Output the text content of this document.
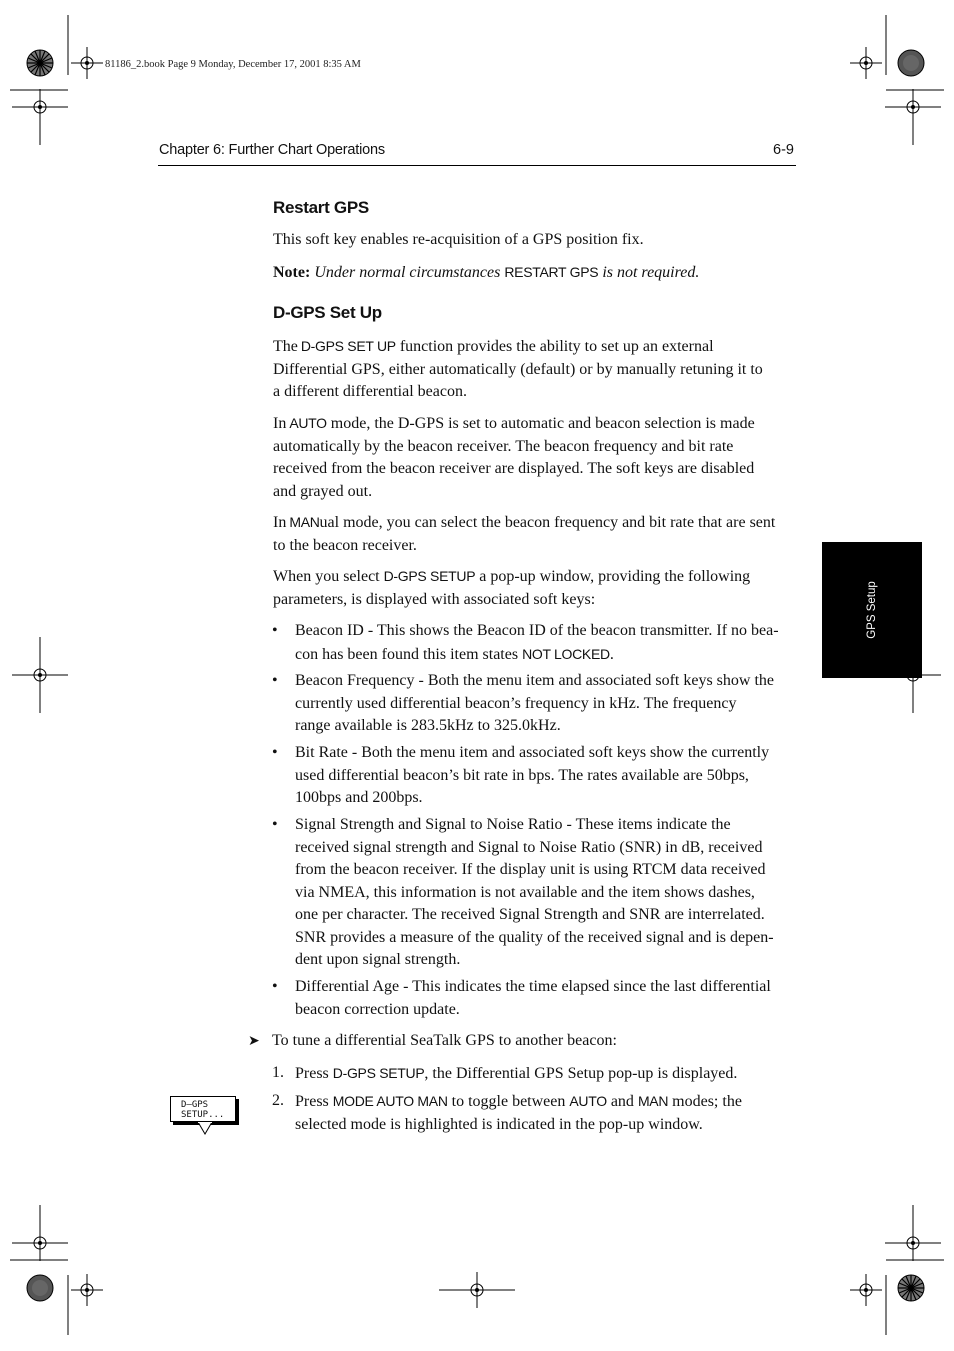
81186_2.book Page 9 Monday, December 17, 2001 8:35 AM
Chapter 6: Further Chart Operations	6-9
GPS Setup
Restart GPS
This soft key enables re-acquisition of a GPS position fix.
Note: Under normal circumstances RESTART GPS is not required.
D-GPS Set Up
The D-GPS SET UP function provides the ability to set up an external
Differential GPS, either automatically (default) or by manually retuning it to
a different differential beacon.
In AUTO mode, the D-GPS is set to automatic and beacon selection is made
automatically by the beacon receiver. The beacon frequency and bit rate
received from the beacon receiver are displayed. The soft keys are disabled
and grayed out.
In MANual mode, you can select the beacon frequency and bit rate that are sent
to the beacon receiver.
When you select D-GPS SETUP a pop-up window, providing the following
parameters, is displayed with associated soft keys:
• Beacon ID - This shows the Beacon ID of the beacon transmitter. If no bea-
con has been found this item states NOT LOCKED.
• Beacon Frequency - Both the menu item and associated soft keys show the
currently used differential beacon’s frequency in kHz. The frequency
range available is 283.5kHz to 325.0kHz.
• Bit Rate - Both the menu item and associated soft keys show the currently
used differential beacon’s bit rate in bps. The rates available are 50bps,
100bps and 200bps.
• Signal Strength and Signal to Noise Ratio - These items indicate the
received signal strength and Signal to Noise Ratio (SNR) in dB, received
from the beacon receiver. If the display unit is using RTCM data received
via NMEA, this information is not available and the item shows dashes,
one per character. The received Signal Strength and SNR are interrelated.
SNR provides a measure of the quality of the received signal and is depen-
dent upon signal strength.
• Differential Age - This indicates the time elapsed since the last differential
beacon correction update.
➤ To tune a differential SeaTalk GPS to another beacon:
1. Press D-GPS SETUP, the Differential GPS Setup pop-up is displayed.
2. Press MODE AUTO MAN to toggle between AUTO and MAN modes; the
selected mode is highlighted is indicated in the pop-up window.
D–GPS
SETUP...
